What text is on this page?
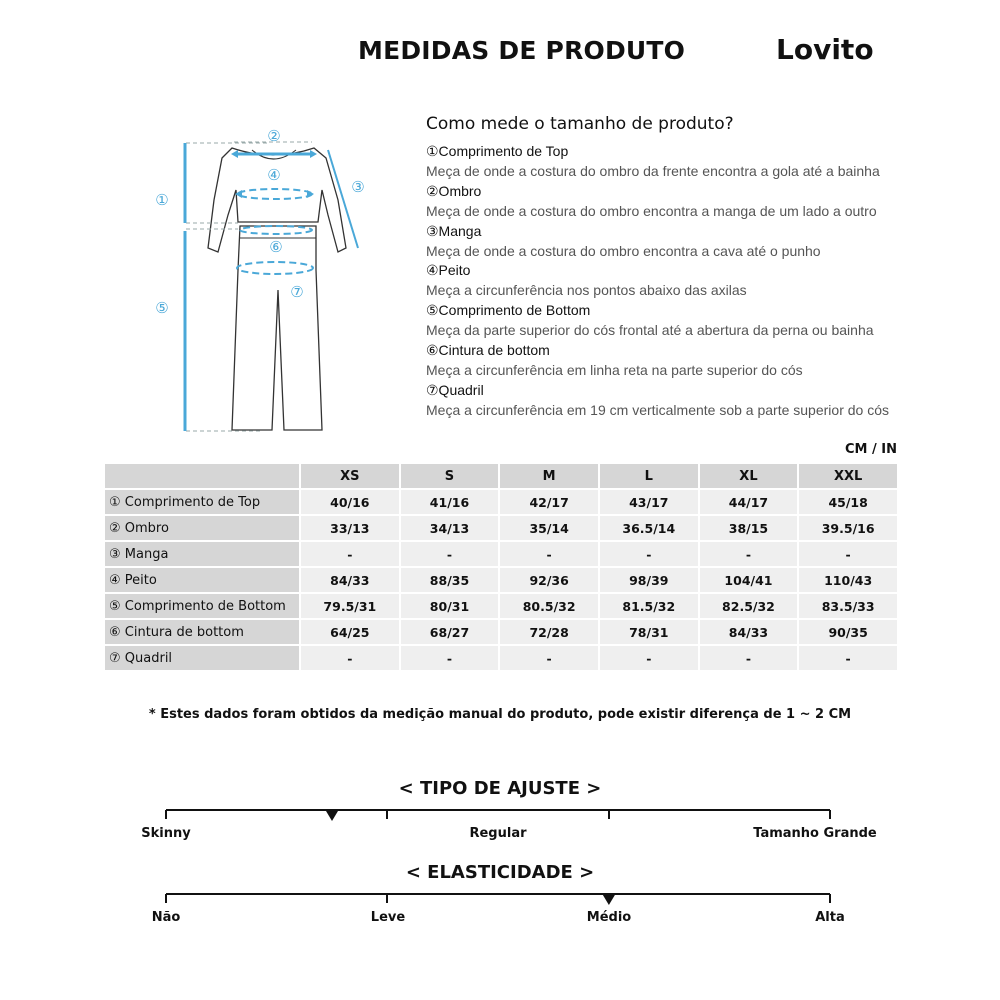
MEDIDAS DE PRODUTO	Lovito
①
②
③
④
⑤
⑥
⑦
Como mede o tamanho de produto?
①Comprimento de Top
Meça de onde a costura do ombro da frente encontra a gola até a bainha
②Ombro
Meça de onde a costura do ombro encontra a manga de um lado a outro
③Manga
Meça de onde a costura do ombro encontra a cava até o punho
④Peito
Meça a circunferência nos pontos abaixo das axilas
⑤Comprimento de Bottom
Meça da parte superior do cós frontal até a abertura da perna ou bainha
⑥Cintura de bottom
Meça a circunferência em linha reta na parte superior do cós
⑦Quadril
Meça a circunferência em 19 cm verticalmente sob a parte superior do cós
CM / IN
	XS	S	M	L	XL	XXL
① Comprimento de Top	40/16	41/16	42/17	43/17	44/17	45/18
② Ombro	33/13	34/13	35/14	36.5/14	38/15	39.5/16
③ Manga	-	-	-	-	-	-
④ Peito	84/33	88/35	92/36	98/39	104/41	110/43
⑤ Comprimento de Bottom	79.5/31	80/31	80.5/32	81.5/32	82.5/32	83.5/33
⑥ Cintura de bottom	64/25	68/27	72/28	78/31	84/33	90/35
⑦ Quadril	-	-	-	-	-	-
* Estes dados foram obtidos da medição manual do produto, pode existir diferença de 1 ~ 2 CM
< TIPO DE AJUSTE >
Skinny	Regular	Tamanho Grande
< ELASTICIDADE >
Não	Leve	Médio	Alta
